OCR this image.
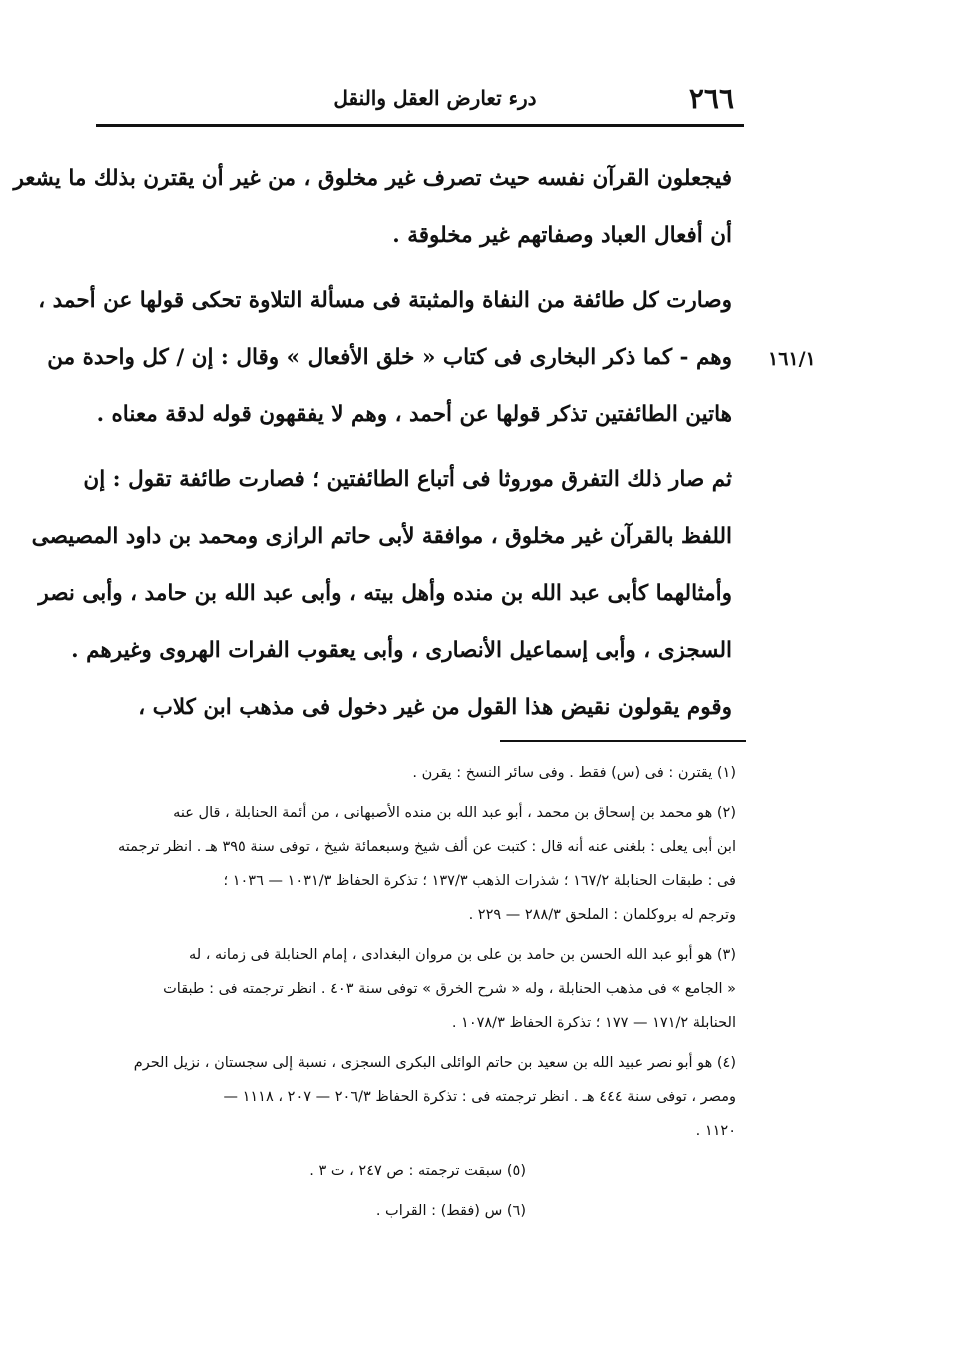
٢٦٦
درء تعارض العقل والنقل
١٦١/١
فيجعلون القرآن نفسه حيث تصرف غير مخلوق ، من غير أن يقترن بذلك ما يشعر
أن أفعال العباد وصفاتهم غير مخلوقة .
وصارت كل طائفة من النفاة والمثبتة فى مسألة التلاوة تحكى قولها عن أحمد ،
وهم - كما ذكر البخارى فى كتاب « خلق الأفعال » وقال : إن / كل واحدة من
هاتين الطائفتين تذكر قولها عن أحمد ، وهم لا يفقهون قوله لدقة معناه .
ثم صار ذلك التفرق موروثا فى أتباع الطائفتين ؛ فصارت طائفة تقول : إن
اللفظ بالقرآن غير مخلوق ، موافقة لأبى حاتم الرازى ومحمد بن داود المصيصى
وأمثالهما كأبى عبد الله بن منده وأهل بيته ، وأبى عبد الله بن حامد ، وأبى نصر
السجزى ، وأبى إسماعيل الأنصارى ، وأبى يعقوب الفرات الهروى وغيرهم .
وقوم يقولون نقيض هذا القول من غير دخول فى مذهب ابن كلاب ،
(١) يقترن : فى (س) فقط . وفى سائر النسخ : يقرن .
(٢) هو محمد بن إسحاق بن محمد ، أبو عبد الله بن منده الأصبهانى ، من أئمة الحنابلة ، قال عنه
ابن أبى يعلى : بلغنى عنه أنه قال : كتبت عن ألف شيخ وسبعمائة شيخ ، توفى سنة ٣٩٥ هـ . انظر ترجمته
فى : طبقات الحنابلة ١٦٧/٢ ؛ شذرات الذهب ١٣٧/٣ ؛ تذكرة الحفاظ ١٠٣١/٣ — ١٠٣٦ ؛
وترجم له بروكلمان : الملحق ٢٨٨/٣ — ٢٢٩ .
(٣) هو أبو عبد الله الحسن بن حامد بن على بن مروان البغدادى ، إمام الحنابلة فى زمانه ، له
« الجامع » فى مذهب الحنابلة ، وله « شرح الخرق » توفى سنة ٤٠٣ . انظر ترجمته فى : طبقات
الحنابلة ١٧١/٢ — ١٧٧ ؛ تذكرة الحفاظ ١٠٧٨/٣ .
(٤) هو أبو نصر عبيد الله بن سعيد بن حاتم الوائلى البكرى السجزى ، نسبة إلى سجستان ، نزيل الحرم
ومصر ، توفى سنة ٤٤٤ هـ . انظر ترجمته فى : تذكرة الحفاظ ٢٠٦/٣ — ٢٠٧ ، ١١١٨ —
١١٢٠ .
(٥) سبقت ترجمته : ص ٢٤٧ ، ت ٣ .
(٦) س (فقط) : القراب .
